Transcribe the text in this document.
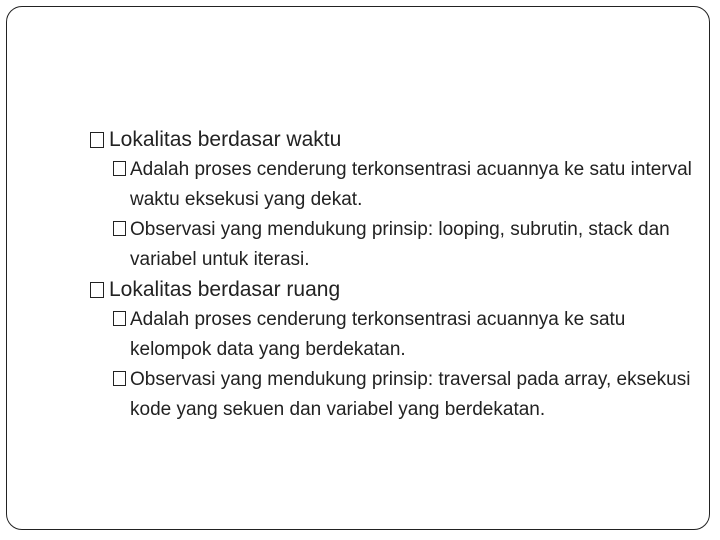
Lokalitas berdasar waktu

Adalah proses cenderung terkonsentrasi acuannya ke satu interval waktu eksekusi yang dekat.

Observasi yang mendukung prinsip: looping, subrutin, stack dan variabel untuk iterasi.

Lokalitas berdasar ruang

Adalah proses cenderung terkonsentrasi acuannya ke satu kelompok data yang berdekatan.

Observasi yang mendukung prinsip: traversal pada array, eksekusi kode yang sekuen dan variabel yang berdekatan.
